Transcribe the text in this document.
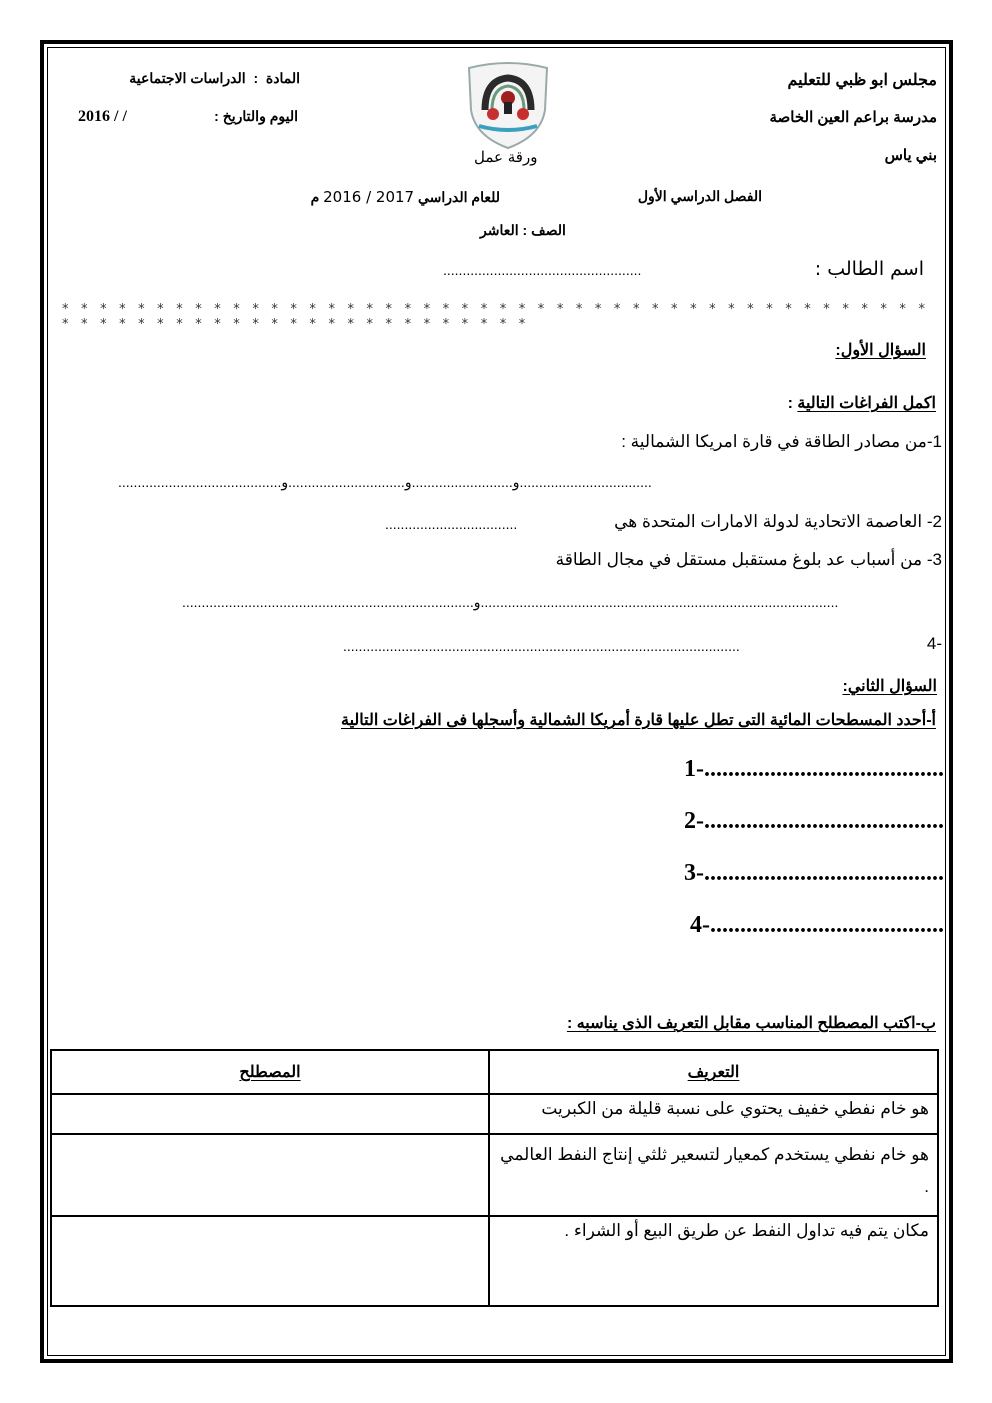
مجلس ابو ظبي للتعليم
مدرسة براعم العين الخاصة
بني ياس
المادة  :  الدراسات الاجتماعية
2016 / /	اليوم والتاريخ :
ورقة عمل
الفصل الدراسي الأول
للعام الدراسي 2016 / 2017 م
الصف : العاشر
اسم الطالب :
...................................................
* * * * * * * * * * * * * * * * * * * * * * * * * * * * * * * * * * * * * * * * * * * * * * * * * * * * * * * * * * * * * * * * * * * * * * *
السؤال الأول:
اكمل الفراغات التالية :
1-من مصادر الطاقة في قارة امريكا الشمالية :
..........................................و..........................و..............................و..................................
2- العاصمة الاتحادية لدولة الامارات المتحدة هي
..................................
3- من أسباب عد بلوغ مستقبل مستقل في مجال الطاقة
...........................................................................و............................................................................................
4-
......................................................................................................
السؤال الثاني:
أ-أحدد المسطحات المائية التى تطل عليها قارة أمريكا الشمالية وأسجلها فى الفراغات التالية
1-........................................
2-........................................
3-........................................
4-.......................................
ب-اكتب المصطلح المناسب مقابل التعريف الذى يناسبه :
المصطلح	التعريف
	هو خام نفطي خفيف يحتوي على نسبة قليلة من الكبريت
	هو خام نفطي يستخدم كمعيار لتسعير ثلثي إنتاج النفط العالمي .
	مكان يتم فيه تداول النفط عن طريق البيع أو الشراء .
